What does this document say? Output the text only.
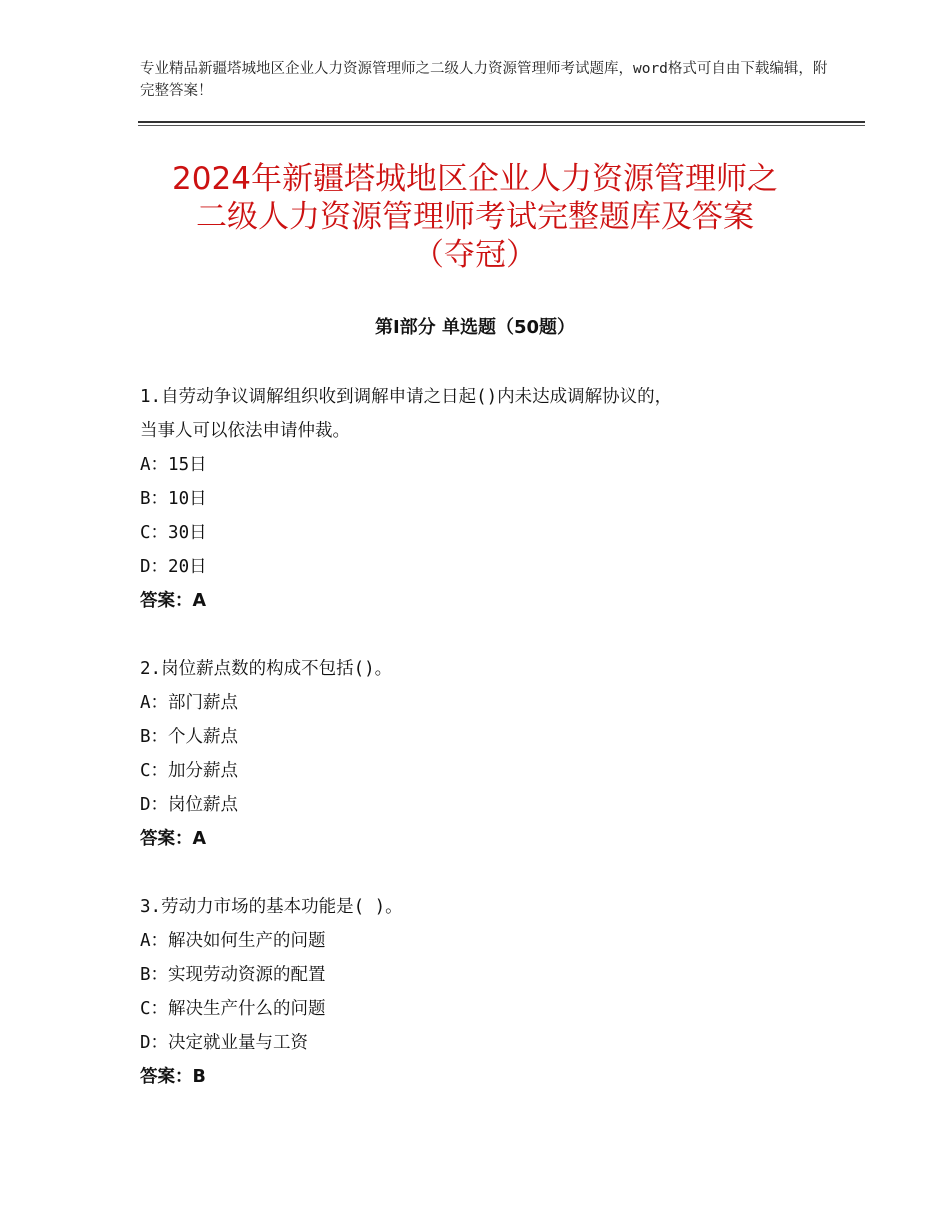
专业精品新疆塔城地区企业人力资源管理师之二级人力资源管理师考试题库，word格式可自由下载编辑，附完整答案！
2024年新疆塔城地区企业人力资源管理师之
二级人力资源管理师考试完整题库及答案
（夺冠）
第Ⅰ部分 单选题（50题）
1.自劳动争议调解组织收到调解申请之日起()内未达成调解协议的，
当事人可以依法申请仲裁。
A：15日
B：10日
C：30日
D：20日
答案：A
2.岗位薪点数的构成不包括()。
A：部门薪点
B：个人薪点
C：加分薪点
D：岗位薪点
答案：A
3.劳动力市场的基本功能是( )。
A：解决如何生产的问题
B：实现劳动资源的配置
C：解决生产什么的问题
D：决定就业量与工资
答案：B
